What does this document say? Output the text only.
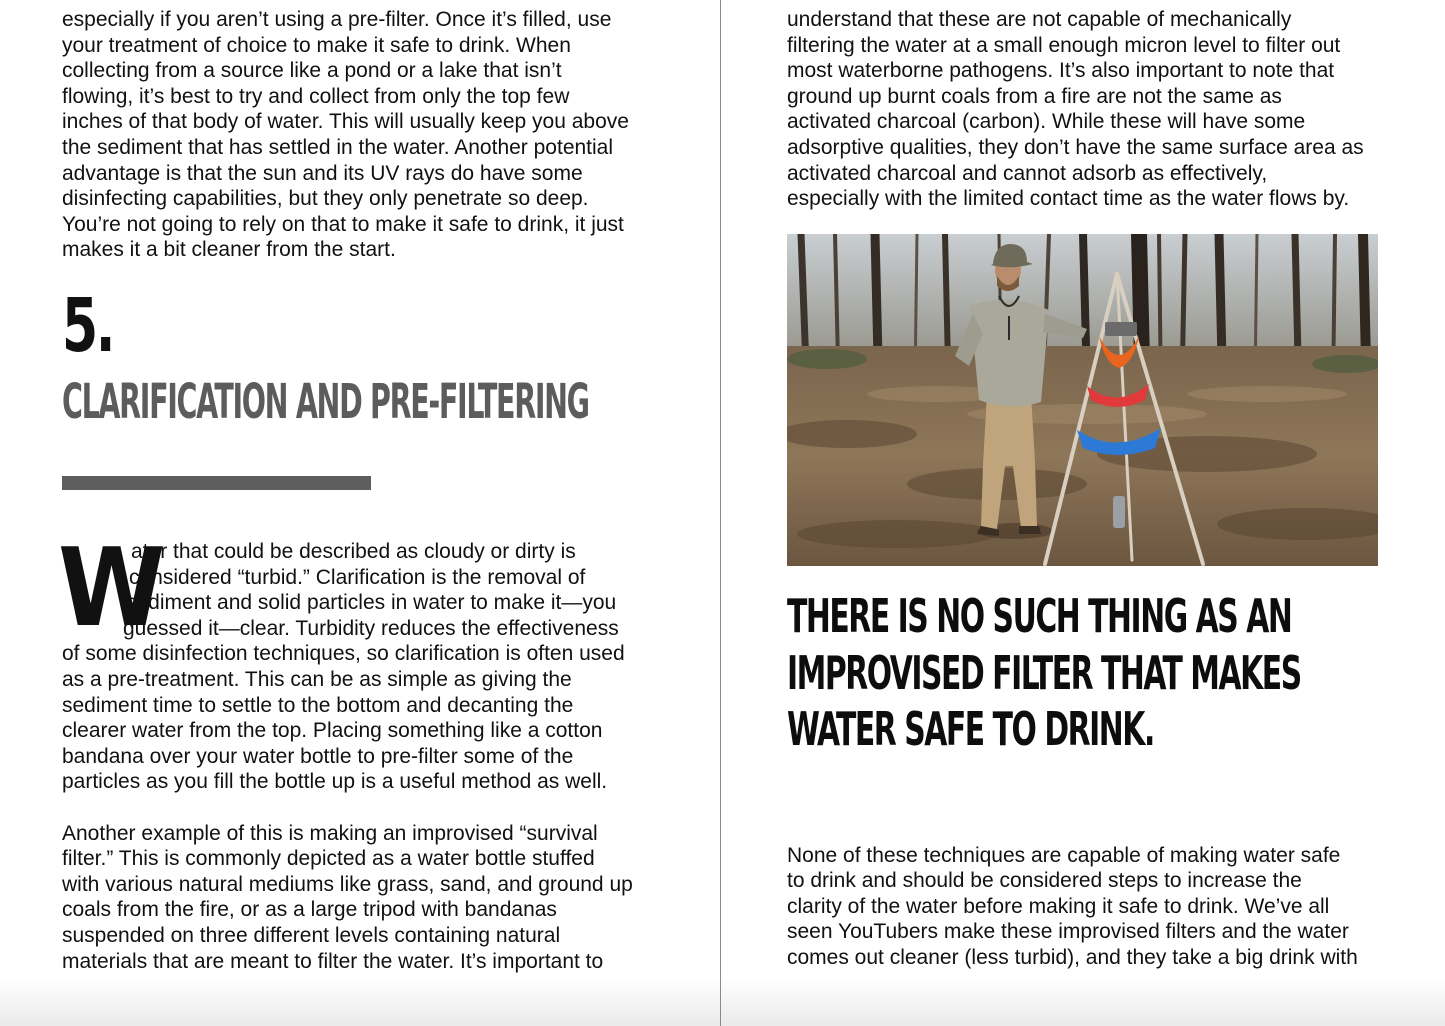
especially if you aren’t using a pre-filter. Once it’s filled, use
your treatment of choice to make it safe to drink. When
collecting from a source like a pond or a lake that isn’t
flowing, it’s best to try and collect from only the top few
inches of that body of water. This will usually keep you above
the sediment that has settled in the water. Another potential
advantage is that the sun and its UV rays do have some
disinfecting capabilities, but they only penetrate so deep.
You’re not going to rely on that to make it safe to drink, it just
makes it a bit cleaner from the start.
5.
CLARIFICATION AND PRE-FILTERING
W
ater that could be described as cloudy or dirty is
considered “turbid.” Clarification is the removal of
sediment and solid particles in water to make it—you
guessed it—clear. Turbidity reduces the effectiveness
of some disinfection techniques, so clarification is often used
as a pre-treatment. This can be as simple as giving the
sediment time to settle to the bottom and decanting the
clearer water from the top. Placing something like a cotton
bandana over your water bottle to pre-filter some of the
particles as you fill the bottle up is a useful method as well.
Another example of this is making an improvised “survival
filter.” This is commonly depicted as a water bottle stuffed
with various natural mediums like grass, sand, and ground up
coals from the fire, or as a large tripod with bandanas
suspended on three different levels containing natural
materials that are meant to filter the water. It’s important to
understand that these are not capable of mechanically
filtering the water at a small enough micron level to filter out
most waterborne pathogens. It’s also important to note that
ground up burnt coals from a fire are not the same as
activated charcoal (carbon). While these will have some
adsorptive qualities, they don’t have the same surface area as
activated charcoal and cannot adsorb as effectively,
especially with the limited contact time as the water flows by.
THERE IS NO SUCH THING AS AN
IMPROVISED FILTER THAT MAKES
WATER SAFE TO DRINK.
None of these techniques are capable of making water safe
to drink and should be considered steps to increase the
clarity of the water before making it safe to drink. We’ve all
seen YouTubers make these improvised filters and the water
comes out cleaner (less turbid), and they take a big drink with
